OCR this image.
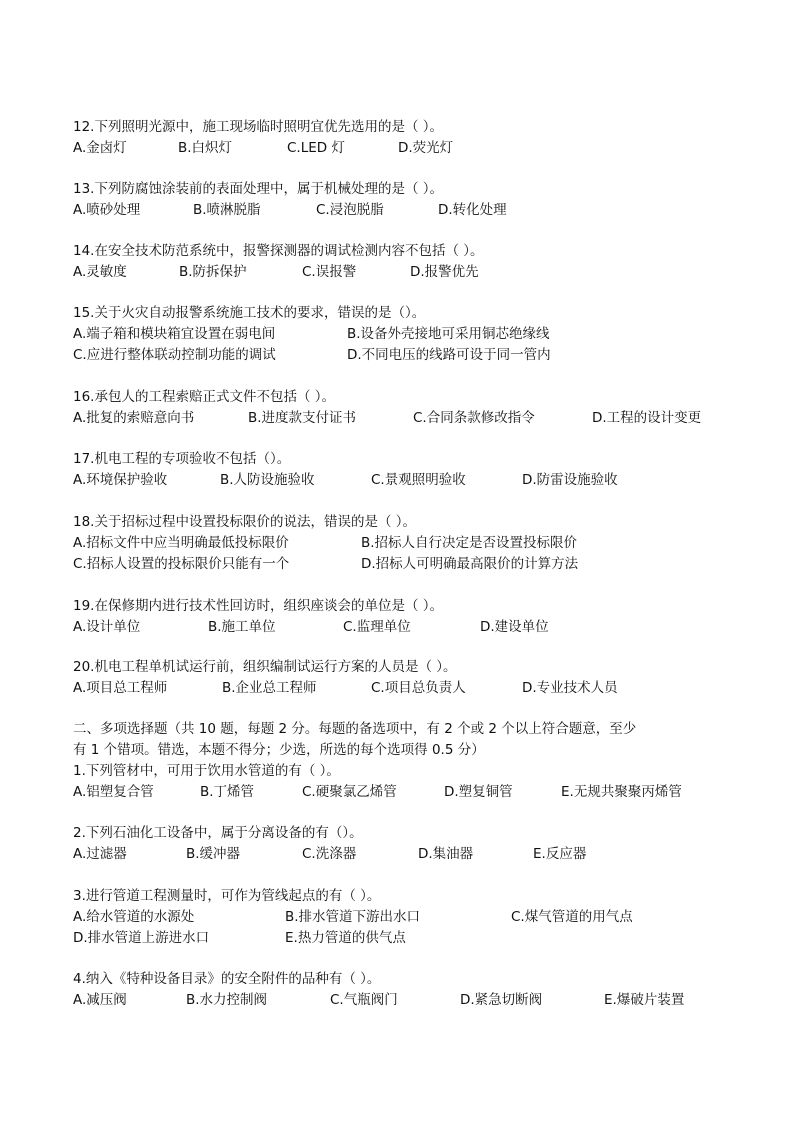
12.下列照明光源中，施工现场临时照明宜优先选用的是（ ）。
A.金卤灯	B.白炽灯	C.LED 灯	D.荧光灯
13.下列防腐蚀涂装前的表面处理中，属于机械处理的是（ ）。
A.喷砂处理	B.喷淋脱脂	C.浸泡脱脂	D.转化处理
14.在安全技术防范系统中，报警探测器的调试检测内容不包括（ ）。
A.灵敏度	B.防拆保护	C.误报警	D.报警优先
15.关于火灾自动报警系统施工技术的要求，错误的是（）。
A.端子箱和模块箱宜设置在弱电间	B.设备外壳接地可采用铜芯绝缘线
C.应进行整体联动控制功能的调试	D.不同电压的线路可设于同一管内
16.承包人的工程索赔正式文件不包括（ ）。
A.批复的索赔意向书	B.进度款支付证书	C.合同条款修改指令	D.工程的设计变更
17.机电工程的专项验收不包括（）。
A.环境保护验收	B.人防设施验收	C.景观照明验收	D.防雷设施验收
18.关于招标过程中设置投标限价的说法，错误的是（ ）。
A.招标文件中应当明确最低投标限价	B.招标人自行决定是否设置投标限价
C.招标人设置的投标限价只能有一个	D.招标人可明确最高限价的计算方法
19.在保修期内进行技术性回访时，组织座谈会的单位是（ ）。
A.设计单位	B.施工单位	C.监理单位	D.建设单位
20.机电工程单机试运行前，组织编制试运行方案的人员是（ ）。
A.项目总工程师	B.企业总工程师	C.项目总负责人	D.专业技术人员
二、多项选择题（共 10 题，每题 2 分。每题的备选项中，有 2 个或 2 个以上符合题意，至少
有 1 个错项。错选，本题不得分；少选，所选的每个选项得 0.5 分）
1.下列管材中，可用于饮用水管道的有（ ）。
A.铝塑复合管	B.丁烯管	C.硬聚氯乙烯管	D.塑复铜管	E.无规共聚聚丙烯管
2.下列石油化工设备中，属于分离设备的有（）。
A.过滤器	B.缓冲器	C.洗涤器	D.集油器	E.反应器
3.进行管道工程测量时，可作为管线起点的有（ ）。
A.给水管道的水源处	B.排水管道下游出水口	C.煤气管道的用气点
D.排水管道上游进水口	E.热力管道的供气点
4.纳入《特种设备目录》的安全附件的品种有（ ）。
A.减压阀	B.水力控制阀	C.气瓶阀门	D.紧急切断阀	E.爆破片装置
